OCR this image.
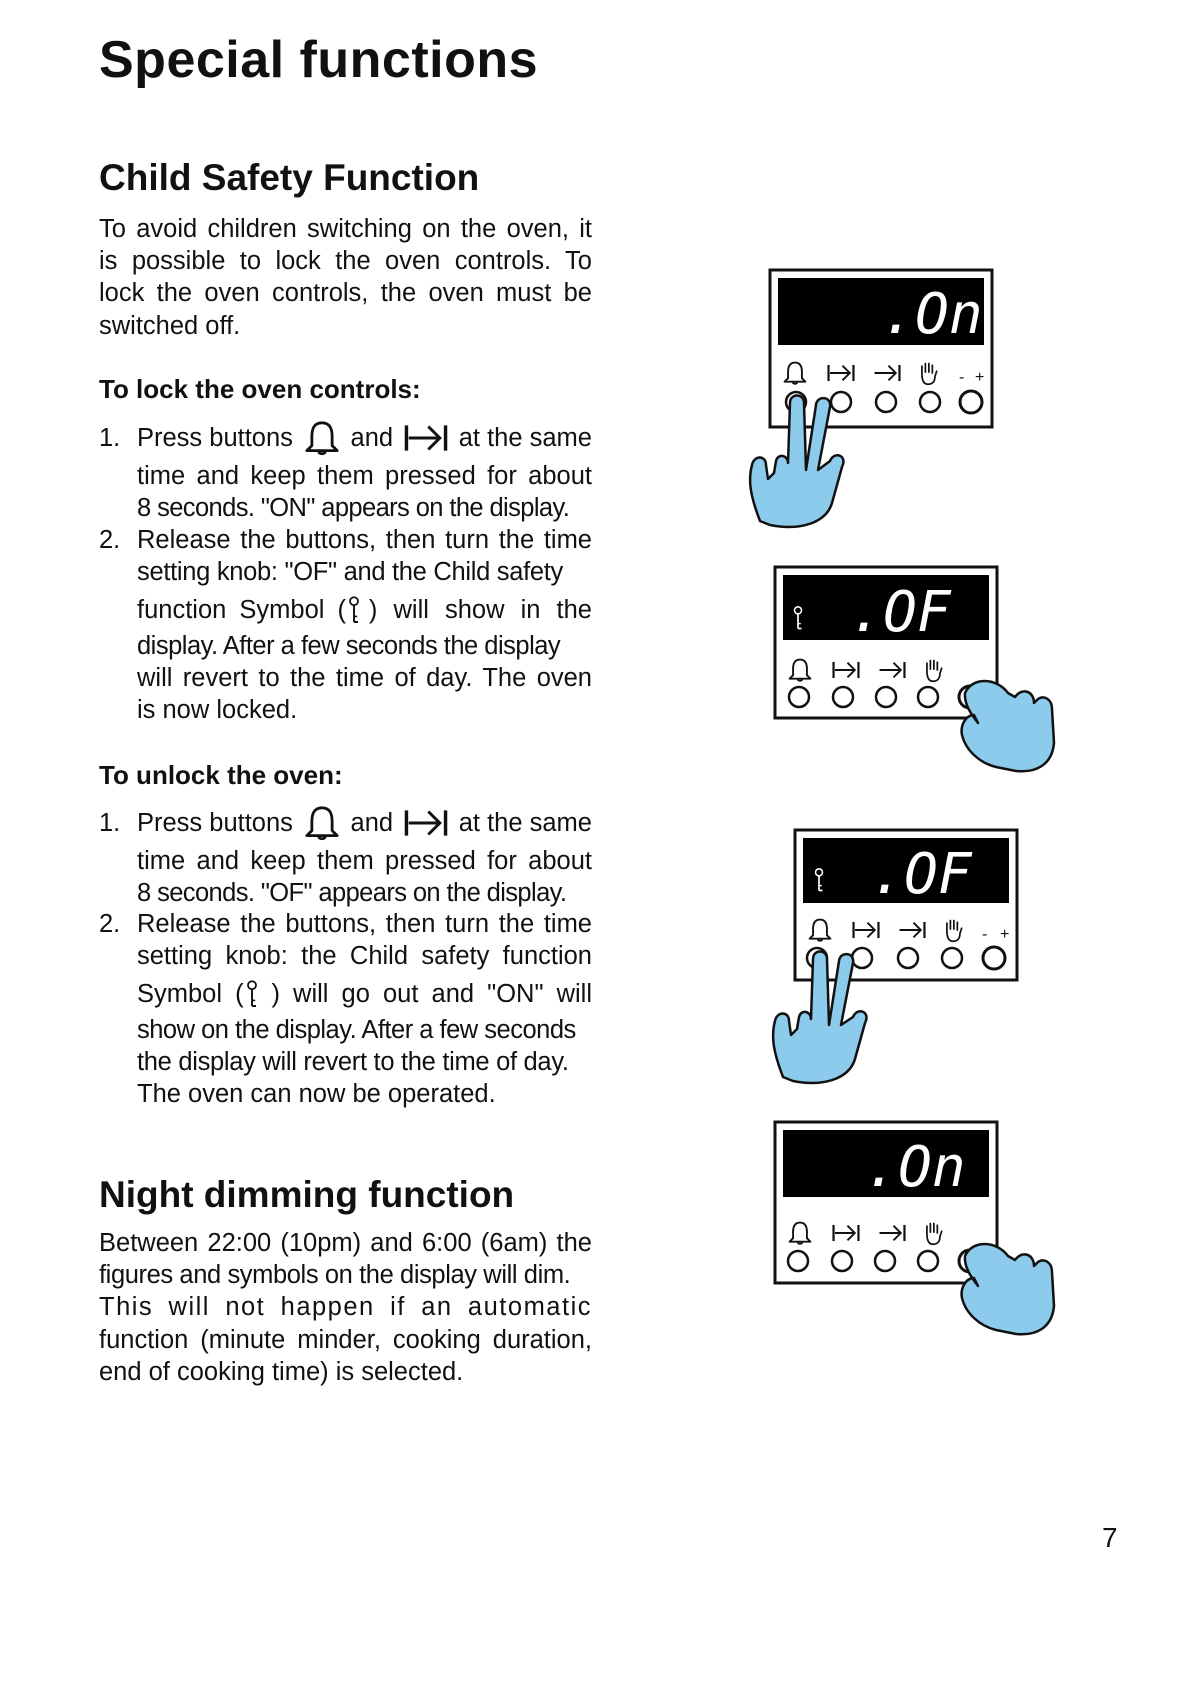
Special functions
Child Safety Function
To avoid children switching on the oven, it
is possible to lock the oven controls. To
lock the oven controls, the oven must be
switched off.
To lock the oven controls:
1. Press buttons and	at the same
time and keep them pressed for about
8 seconds. "ON" appears on the display.
2. Release the buttons, then turn the time
setting knob: "OF" and the Child safety
function Symbol ( ) will show in the
display. After a few seconds the display
will revert to the time of day. The oven
is now locked.
To unlock the oven:
1. Press buttons and	at the same
time and keep them pressed for about
8 seconds. "OF" appears on the display.
2. Release the buttons, then turn the time
setting knob: the Child safety function
Symbol ( ) will go out and "ON" will
show on the display. After a few seconds
the display will revert to the time of day.
The oven can now be operated.
Night dimming function
Between 22:00 (10pm) and 6:00 (6am) the
figures and symbols on the display will dim.
This will not happen if an automatic
function (minute minder, cooking duration,
end of cooking time) is selected.
.On
- +
.OF
.OF
- +
.On
7
